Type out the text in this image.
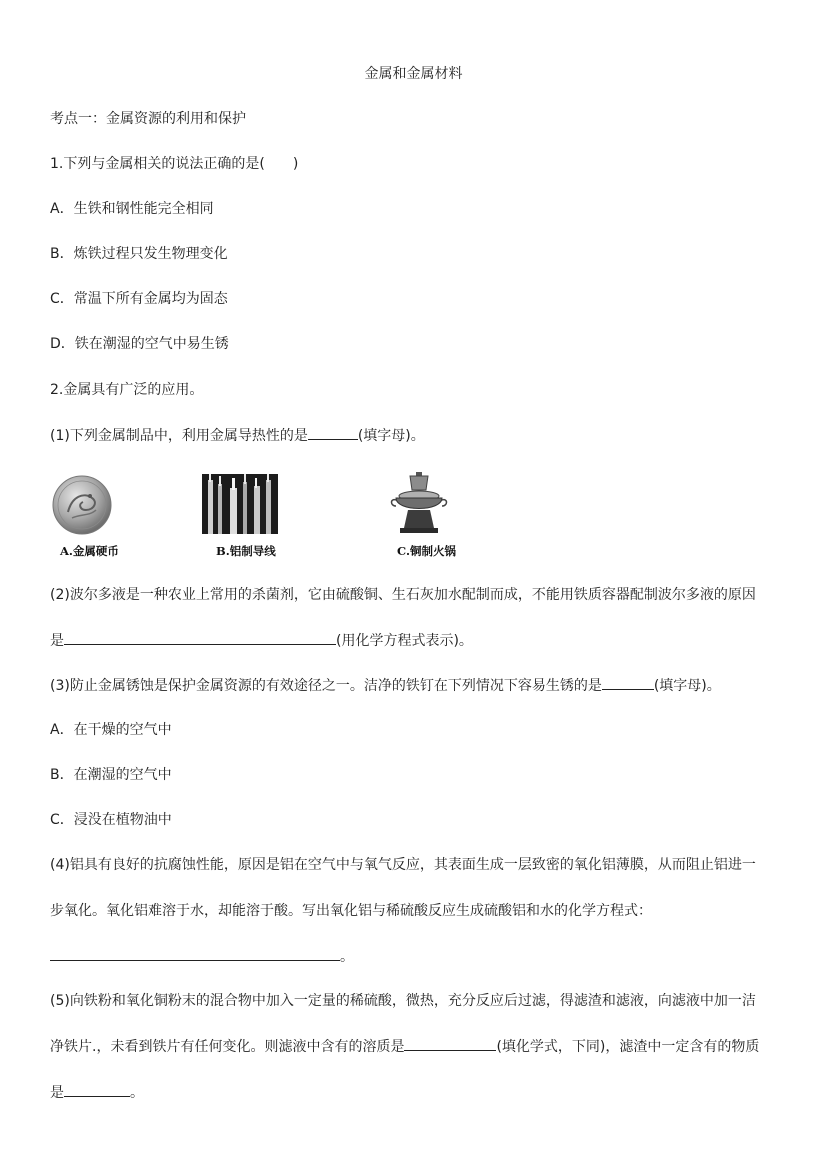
金属和金属材料
考点一：金属资源的利用和保护
1.下列与金属相关的说法正确的是(　　)
A．生铁和钢性能完全相同
B．炼铁过程只发生物理变化
C．常温下所有金属均为固态
D．铁在潮湿的空气中易生锈
2.金属具有广泛的应用。
(1)下列金属制品中，利用金属导热性的是	(填字母)。
A.金属硬币	B.铝制导线	C.铜制火锅
(2)波尔多液是一种农业上常用的杀菌剂，它由硫酸铜、生石灰加水配制而成，不能用铁质容器配制波尔多液的原因
是	(用化学方程式表示)。
(3)防止金属锈蚀是保护金属资源的有效途径之一。洁净的铁钉在下列情况下容易生锈的是	(填字母)。
A．在干燥的空气中
B．在潮湿的空气中
C．浸没在植物油中
(4)铝具有良好的抗腐蚀性能，原因是铝在空气中与氧气反应，其表面生成一层致密的氧化铝薄膜，从而阻止铝进一
步氧化。氧化铝难溶于水，却能溶于酸。写出氧化铝与稀硫酸反应生成硫酸铝和水的化学方程式：
。
(5)向铁粉和氧化铜粉末的混合物中加入一定量的稀硫酸，微热，充分反应后过滤，得滤渣和滤液，向滤液中加一洁
净铁片.，未看到铁片有任何变化。则滤液中含有的溶质是	(填化学式，下同)，滤渣中一定含有的物质
是	。
